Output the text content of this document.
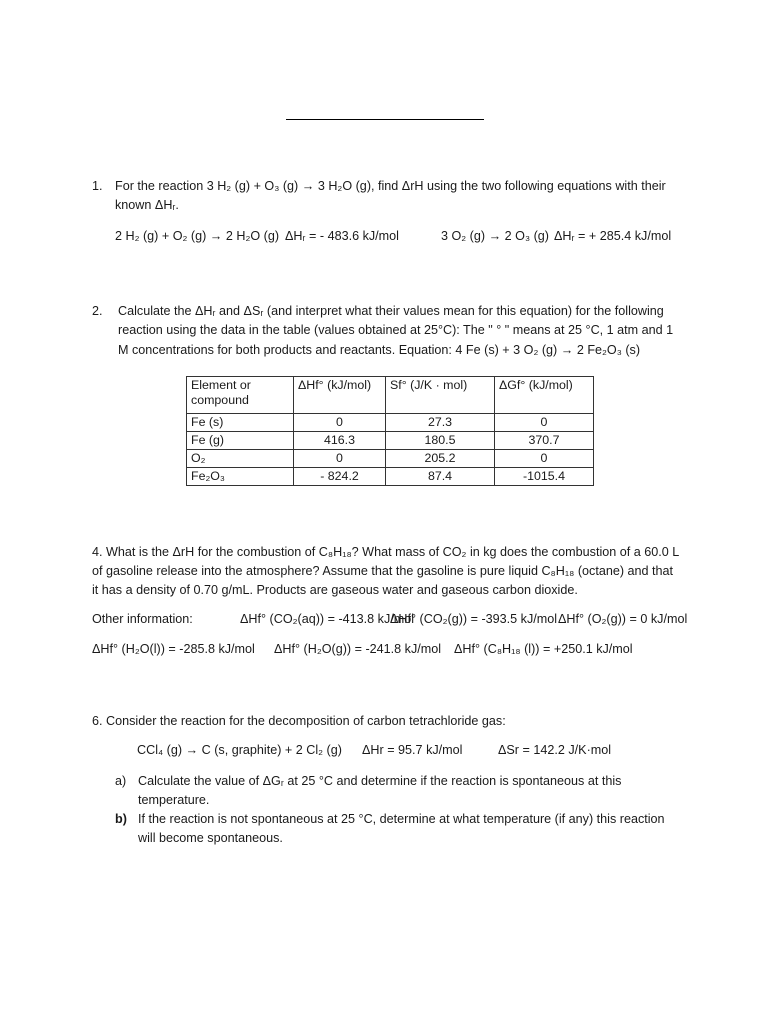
1. For the reaction 3 H₂ (g) + O₃ (g) → 3 H₂O (g), find ΔrH using the two following equations with their
known ΔHᵣ.
2 H₂ (g) + O₂ (g) → 2 H₂O (g) ΔHᵣ = - 483.6 kJ/mol	3 O₂ (g) → 2 O₃ (g) ΔHᵣ = + 285.4 kJ/mol
2. Calculate the ΔHᵣ and ΔSᵣ (and interpret what their values mean for this equation) for the following
reaction using the data in the table (values obtained at 25°C): The " ° " means at 25 °C, 1 atm and 1
M concentrations for both products and reactants. Equation: 4 Fe (s) + 3 O₂ (g) → 2 Fe₂O₃ (s)
Element or compound	ΔHf° (kJ/mol)	Sf° (J/K · mol)	ΔGf° (kJ/mol)
Fe (s)	0	27.3	0
Fe (g)	416.3	180.5	370.7
O₂	0	205.2	0
Fe₂O₃	- 824.2	87.4	-1015.4
4. What is the ΔrH for the combustion of C₈H₁₈? What mass of CO₂ in kg does the combustion of a 60.0 L
of gasoline release into the atmosphere? Assume that the gasoline is pure liquid C₈H₁₈ (octane) and that
it has a density of 0.70 g/mL. Products are gaseous water and gaseous carbon dioxide.
Other information:	ΔHf° (CO₂(aq)) = -413.8 kJ/mol
ΔHf° (CO₂(g)) = -393.5 kJ/mol ΔHf° (O₂(g)) = 0 kJ/mol
ΔHf° (H₂O(l)) = -285.8 kJ/mol ΔHf° (H₂O(g)) = -241.8 kJ/mol ΔHf° (C₈H₁₈ (l)) = +250.1 kJ/mol
6. Consider the reaction for the decomposition of carbon tetrachloride gas:
CCl₄ (g) → C (s, graphite) + 2 Cl₂ (g) ΔHr = 95.7 kJ/mol	ΔSr = 142.2 J/K·mol
a) Calculate the value of ΔGᵣ at 25 °C and determine if the reaction is spontaneous at this
temperature.
b) If the reaction is not spontaneous at 25 °C, determine at what temperature (if any) this reaction
will become spontaneous.
